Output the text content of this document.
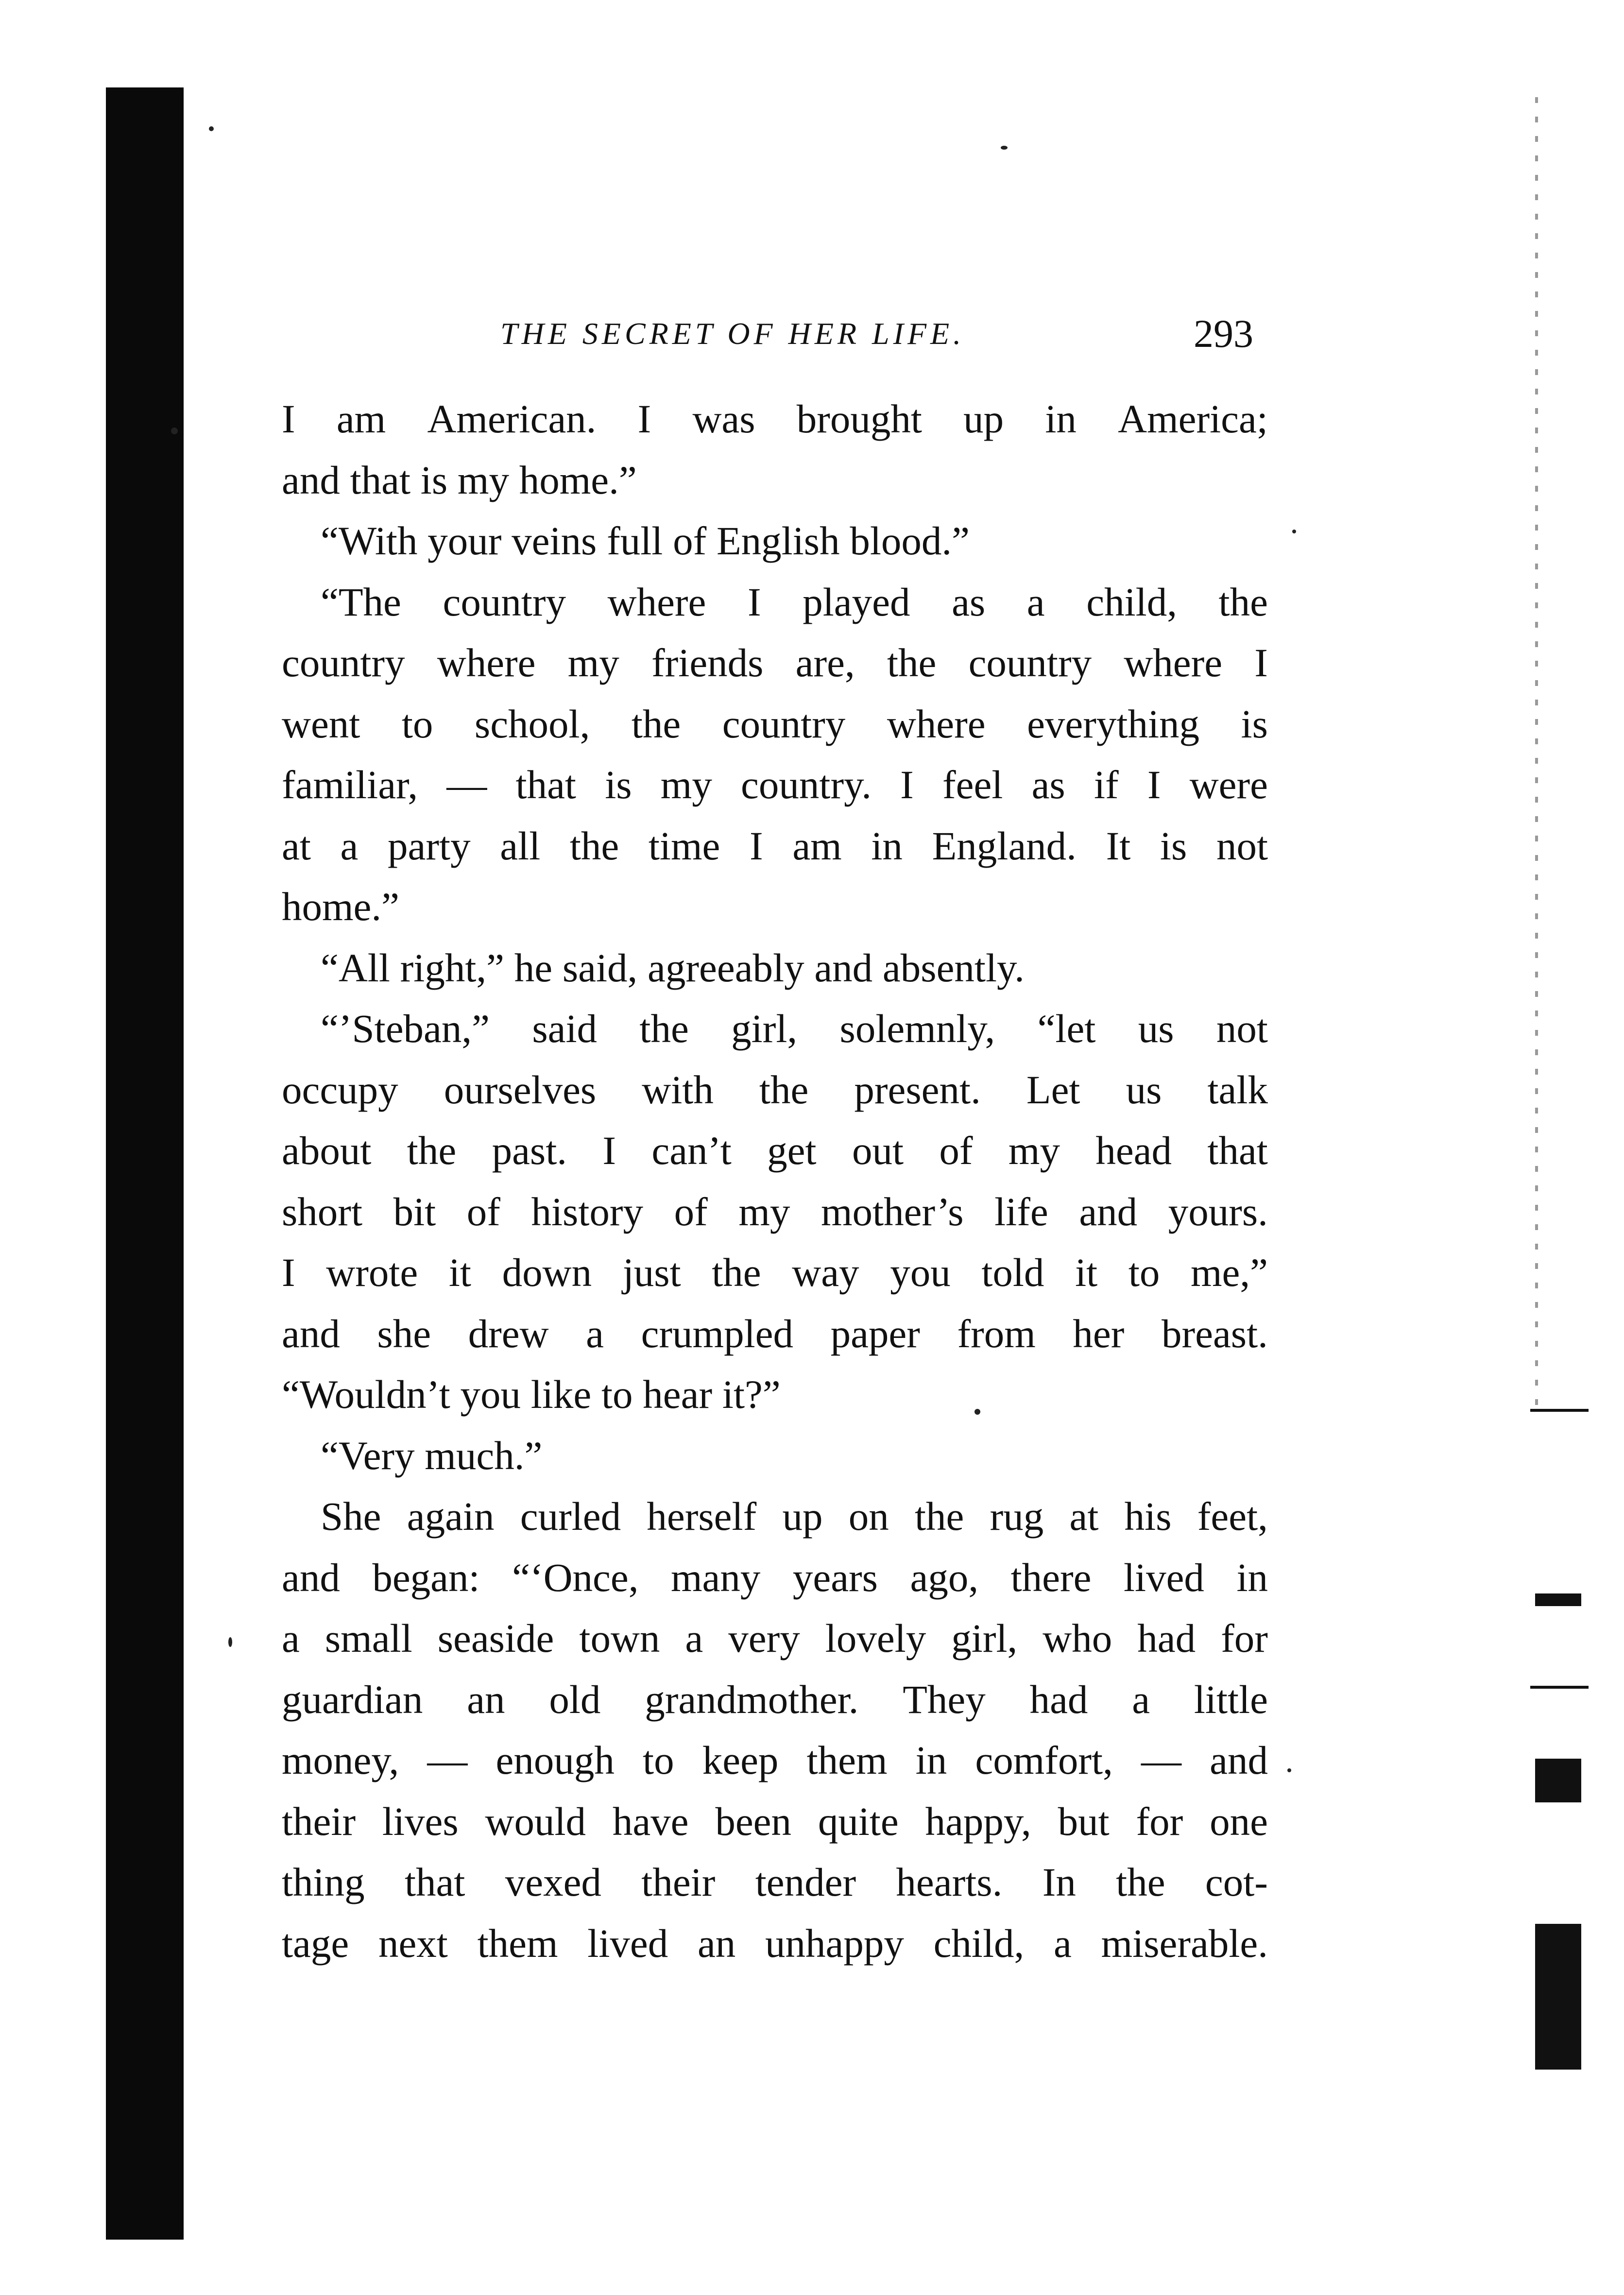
THE SECRET OF HER LIFE.	293
I am American. I was brought up in America;
and that is my home.”
“With your veins full of English blood.”
“The country where I played as a child, the
country where my friends are, the country where I
went to school, the country where everything is
familiar, — that is my country. I feel as if I were
at a party all the time I am in England. It is not
home.”
“All right,” he said, agreeably and absently.
“’Steban,” said the girl, solemnly, “let us not
occupy ourselves with the present. Let us talk
about the past. I can’t get out of my head that
short bit of history of my mother’s life and yours.
I wrote it down just the way you told it to me,”
and she drew a crumpled paper from her breast.
“Wouldn’t you like to hear it?”
“Very much.”
She again curled herself up on the rug at his feet,
and began: “‘Once, many years ago, there lived in
a small seaside town a very lovely girl, who had for
guardian an old grandmother. They had a little
money, — enough to keep them in comfort, — and
their lives would have been quite happy, but for one
thing that vexed their tender hearts. In the cot-
tage next them lived an unhappy child, a miserable.
